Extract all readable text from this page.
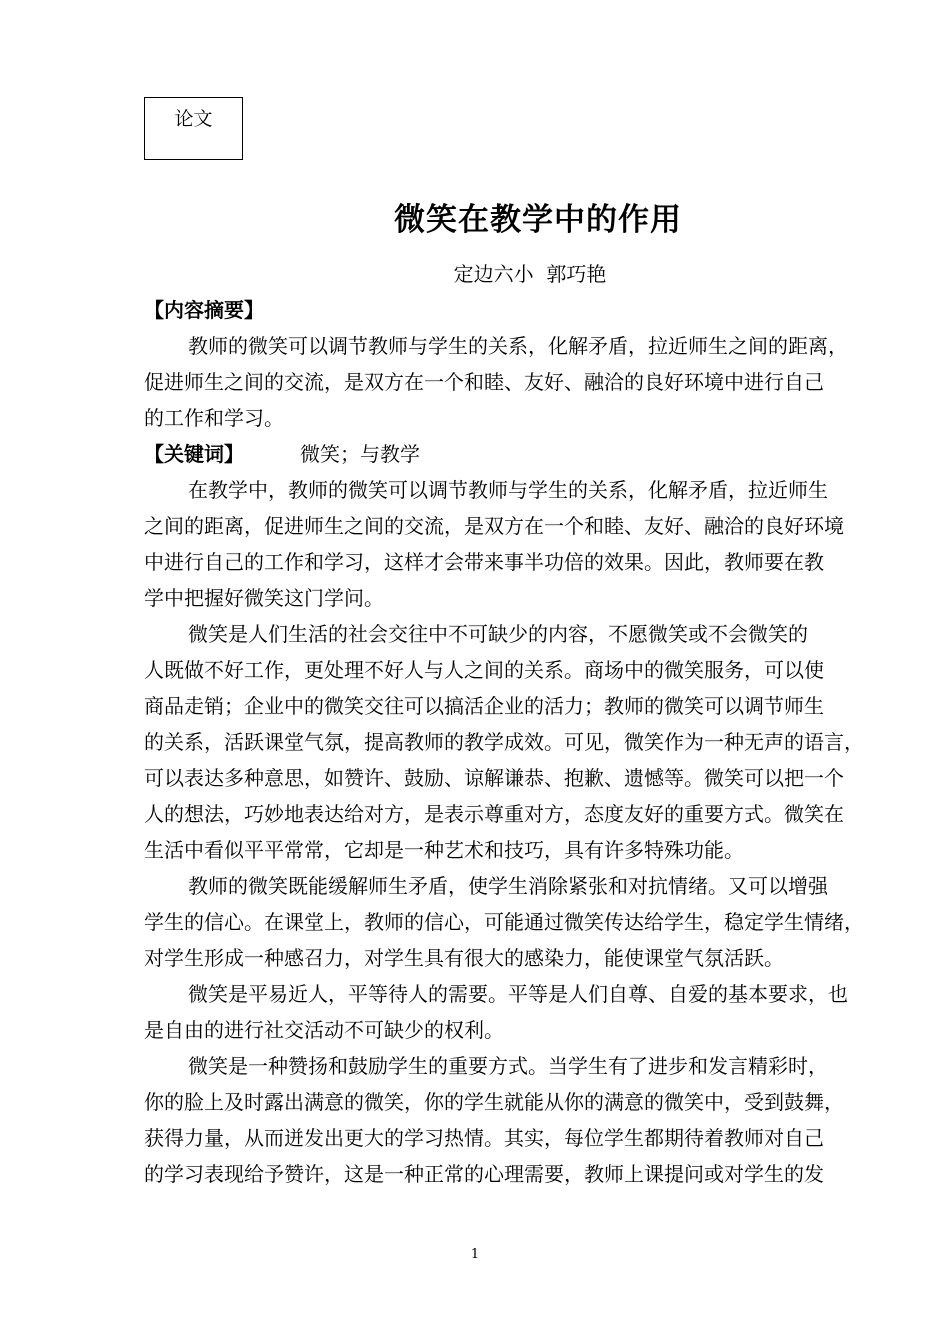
论文
微笑在教学中的作用
定边六小  郭巧艳
【内容摘要】
教师的微笑可以调节教师与学生的关系，化解矛盾，拉近师生之间的距离，
促进师生之间的交流，是双方在一个和睦、友好、融洽的良好环境中进行自己
的工作和学习。
【关键词】	微笑；与教学
在教学中，教师的微笑可以调节教师与学生的关系，化解矛盾，拉近师生
之间的距离，促进师生之间的交流，是双方在一个和睦、友好、融洽的良好环境
中进行自己的工作和学习，这样才会带来事半功倍的效果。因此，教师要在教
学中把握好微笑这门学问。
微笑是人们生活的社会交往中不可缺少的内容，不愿微笑或不会微笑的
人既做不好工作，更处理不好人与人之间的关系。商场中的微笑服务，可以使
商品走销；企业中的微笑交往可以搞活企业的活力；教师的微笑可以调节师生
的关系，活跃课堂气氛，提高教师的教学成效。可见，微笑作为一种无声的语言，
可以表达多种意思，如赞许、鼓励、谅解谦恭、抱歉、遗憾等。微笑可以把一个
人的想法，巧妙地表达给对方，是表示尊重对方，态度友好的重要方式。微笑在
生活中看似平平常常，它却是一种艺术和技巧，具有许多特殊功能。
教师的微笑既能缓解师生矛盾，使学生消除紧张和对抗情绪。又可以增强
学生的信心。在课堂上，教师的信心，可能通过微笑传达给学生，稳定学生情绪，
对学生形成一种感召力，对学生具有很大的感染力，能使课堂气氛活跃。
微笑是平易近人，平等待人的需要。平等是人们自尊、自爱的基本要求，也
是自由的进行社交活动不可缺少的权利。
微笑是一种赞扬和鼓励学生的重要方式。当学生有了进步和发言精彩时，
你的脸上及时露出满意的微笑，你的学生就能从你的满意的微笑中，受到鼓舞，
获得力量，从而迸发出更大的学习热情。其实，每位学生都期待着教师对自己
的学习表现给予赞许，这是一种正常的心理需要，教师上课提问或对学生的发
1
